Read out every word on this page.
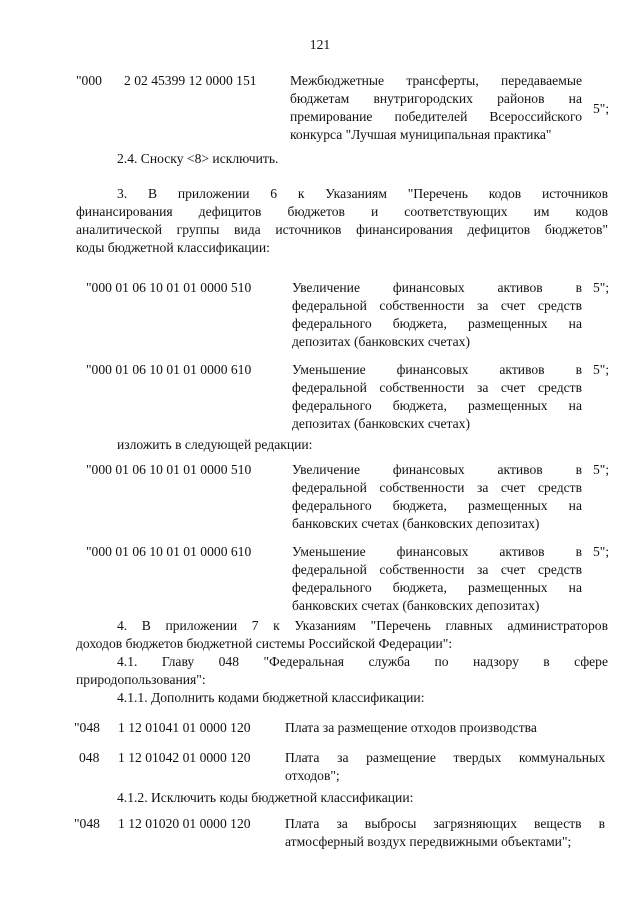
121
"000 2 02 45399 12 0000 151 Межбюджетные трансферты, передаваемые
бюджетам внутригородских районов на
премирование победителей Всероссийского
конкурса "Лучшая муниципальная практика"
5";
2.4. Сноску <8> исключить.
3. В приложении 6 к Указаниям "Перечень кодов источников
финансирования дефицитов бюджетов и соответствующих им кодов
аналитической группы вида источников финансирования дефицитов бюджетов"
коды бюджетной классификации:
"000 01 06 10 01 01 0000 510	Увеличение финансовых активов в
федеральной собственности за счет средств
федерального бюджета, размещенных на
депозитах (банковских счетах)
5";
"000 01 06 10 01 01 0000 610	Уменьшение финансовых активов в
федеральной собственности за счет средств
федерального бюджета, размещенных на
депозитах (банковских счетах)
5";
изложить в следующей редакции:
"000 01 06 10 01 01 0000 510	Увеличение финансовых активов в
федеральной собственности за счет средств
федерального бюджета, размещенных на
банковских счетах (банковских депозитах)
5";
"000 01 06 10 01 01 0000 610	Уменьшение финансовых активов в
федеральной собственности за счет средств
федерального бюджета, размещенных на
банковских счетах (банковских депозитах)
5";
4. В приложении 7 к Указаниям "Перечень главных администраторов
доходов бюджетов бюджетной системы Российской Федерации":
4.1. Главу 048 "Федеральная служба по надзору в сфере
природопользования":
4.1.1. Дополнить кодами бюджетной классификации:
"048 1 12 01041 01 0000 120	Плата за размещение отходов производства
048 1 12 01042 01 0000 120	Плата за размещение твердых коммунальных
отходов";
4.1.2. Исключить коды бюджетной классификации:
"048 1 12 01020 01 0000 120	Плата за выбросы загрязняющих веществ в
атмосферный воздух передвижными объектами";
